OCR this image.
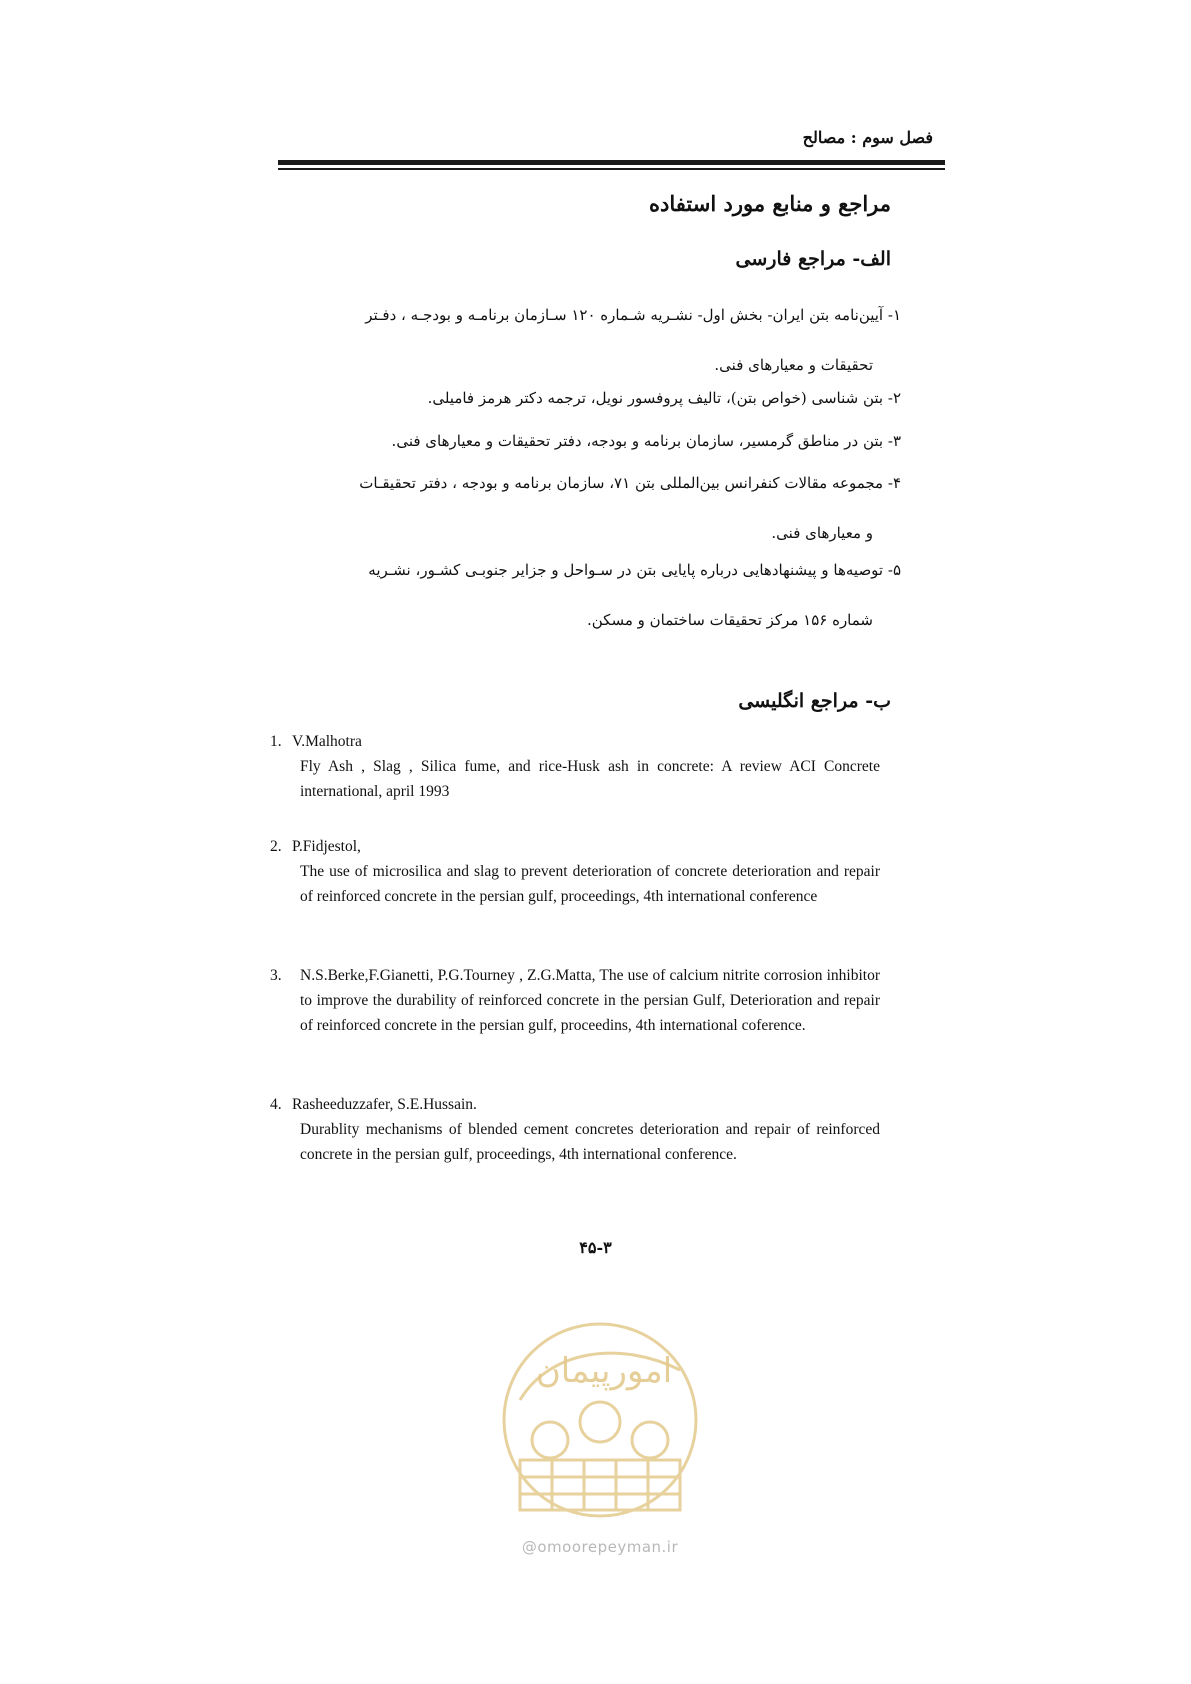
فصل سوم : مصالح
مراجع و منابع مورد استفاده
الف- مراجع فارسی
۱- آیین‌نامه بتن ایران- بخش اول- نشـریه شـماره ۱۲۰ سـازمان برنامـه و بودجـه ، دفـتر
تحقیقات و معیارهای فنی.
۲- بتن شناسی (خواص بتن)، تالیف پروفسور نویل، ترجمه دکتر هرمز فامیلی.
۳- بتن در مناطق گرمسیر، سازمان برنامه و بودجه، دفتر تحقیقات و معیارهای فنی.
۴- مجموعه مقالات کنفرانس بین‌المللی بتن ۷۱، سازمان برنامه و بودجه ، دفتر تحقیقـات
و معیارهای فنی.
۵- توصیه‌ها و پیشنهادهایی درباره پایایی بتن در سـواحل و جزایر جنوبـی کشـور، نشـریه
شماره ۱۵۶ مرکز تحقیقات ساختمان و مسکن.
ب- مراجع انگلیسی
1. V.Malhotra
Fly Ash , Slag , Silica fume, and rice-Husk ash in concrete: A review ACI Concrete international, april 1993
2. P.Fidjestol,
The use of microsilica and slag to prevent deterioration of concrete deterioration and repair of reinforced concrete in the persian gulf, proceedings, 4th international conference
3.	N.S.Berke,F.Gianetti, P.G.Tourney , Z.G.Matta, The use of calcium nitrite corrosion inhibitor to improve the durability of reinforced concrete in the persian Gulf, Deterioration and repair of reinforced concrete in the persian gulf, proceedins, 4th international coference.
4. Rasheeduzzafer, S.E.Hussain.
Durablity mechanisms of blended cement concretes deterioration and repair of reinforced concrete in the persian gulf, proceedings, 4th international conference.
۴۵-۳
امورپیمان
@omoorepeyman.ir
